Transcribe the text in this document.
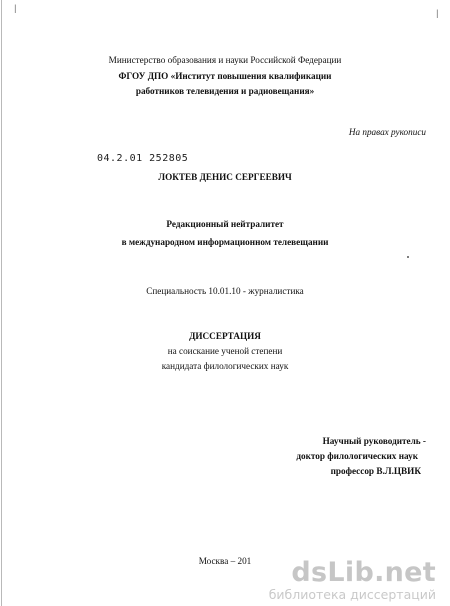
ǀ	ǀ
Министерство образования и науки Российской Федерации
ФГОУ ДПО «Институт повышения квалификации
работников телевидения и радиовещания»
На правах рукописи
04.2.01 252805
ЛОКТЕВ ДЕНИС СЕРГЕЕВИЧ
Редакционный нейтралитет
в международном информационном телевещании
Специальность 10.01.10 - журналистика
ДИССЕРТАЦИЯ
на соискание ученой степени
кандидата филологических наук
Научный руководитель -
доктор филологических наук
профессор В.Л.ЦВИК
Москва – 201	dsLib.net
библиотека диссертаций
